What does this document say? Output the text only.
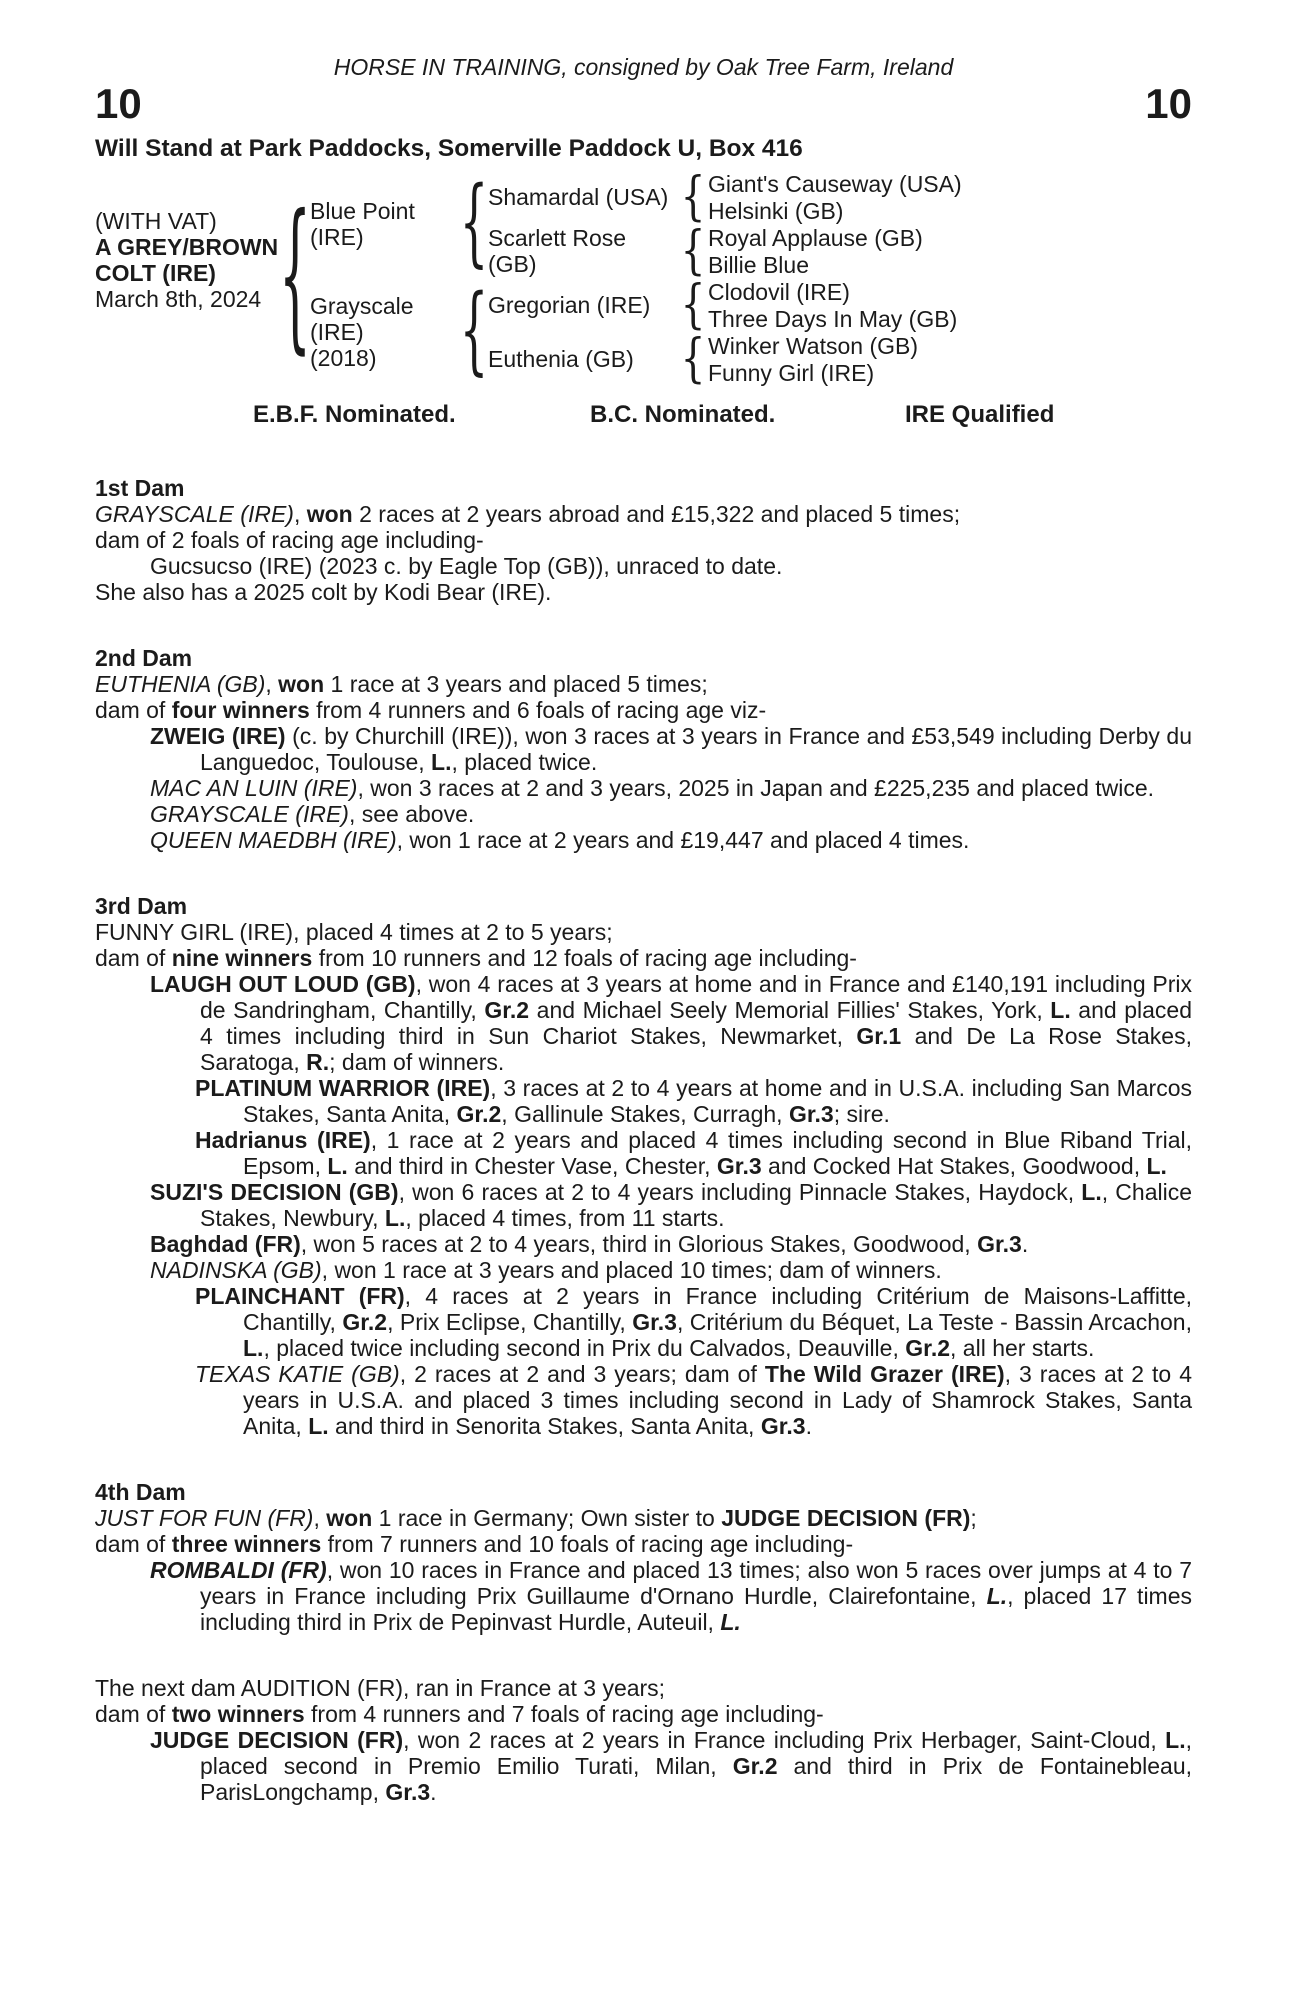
HORSE IN TRAINING, consigned by Oak Tree Farm, Ireland
10	10
Will Stand at Park Paddocks, Somerville Paddock U, Box 416
(WITH VAT)
A GREY/BROWN
COLT (IRE)
March 8th, 2024 {
Blue Point (IRE)
Grayscale (IRE)
(2018)
{
{
Shamardal (USA)
Scarlett Rose (GB)
Gregorian (IRE)
Euthenia (GB)
{
{
{
{
Giant's Causeway (USA)
Helsinki (GB)
Royal Applause (GB)
Billie Blue
Clodovil (IRE)
Three Days In May (GB)
Winker Watson (GB)
Funny Girl (IRE)
E.B.F. Nominated.	B.C. Nominated.	IRE Qualified
1st Dam

GRAYSCALE (IRE), won 2 races at 2 years abroad and £15,322 and placed 5 times;

dam of 2 foals of racing age including-

Gucsucso (IRE) (2023 c. by Eagle Top (GB)), unraced to date.

She also has a 2025 colt by Kodi Bear (IRE).

2nd Dam

EUTHENIA (GB), won 1 race at 3 years and placed 5 times;

dam of four winners from 4 runners and 6 foals of racing age viz-

ZWEIG (IRE) (c. by Churchill (IRE)), won 3 races at 3 years in France and £53,549 including Derby du Languedoc, Toulouse, L., placed twice.

MAC AN LUIN (IRE), won 3 races at 2 and 3 years, 2025 in Japan and £225,235 and placed twice.

GRAYSCALE (IRE), see above.

QUEEN MAEDBH (IRE), won 1 race at 2 years and £19,447 and placed 4 times.

3rd Dam

FUNNY GIRL (IRE), placed 4 times at 2 to 5 years;

dam of nine winners from 10 runners and 12 foals of racing age including-

LAUGH OUT LOUD (GB), won 4 races at 3 years at home and in France and £140,191 including Prix de Sandringham, Chantilly, Gr.2 and Michael Seely Memorial Fillies' Stakes, York, L. and placed 4 times including third in Sun Chariot Stakes, Newmarket, Gr.1 and De La Rose Stakes, Saratoga, R.; dam of winners.

PLATINUM WARRIOR (IRE), 3 races at 2 to 4 years at home and in U.S.A. including San Marcos Stakes, Santa Anita, Gr.2, Gallinule Stakes, Curragh, Gr.3; sire.

Hadrianus (IRE), 1 race at 2 years and placed 4 times including second in Blue Riband Trial, Epsom, L. and third in Chester Vase, Chester, Gr.3 and Cocked Hat Stakes, Goodwood, L.

SUZI'S DECISION (GB), won 6 races at 2 to 4 years including Pinnacle Stakes, Haydock, L., Chalice Stakes, Newbury, L., placed 4 times, from 11 starts.

Baghdad (FR), won 5 races at 2 to 4 years, third in Glorious Stakes, Goodwood, Gr.3.

NADINSKA (GB), won 1 race at 3 years and placed 10 times; dam of winners.

PLAINCHANT (FR), 4 races at 2 years in France including Critérium de Maisons-Laffitte, Chantilly, Gr.2, Prix Eclipse, Chantilly, Gr.3, Critérium du Béquet, La Teste - Bassin Arcachon, L., placed twice including second in Prix du Calvados, Deauville, Gr.2, all her starts.

TEXAS KATIE (GB), 2 races at 2 and 3 years; dam of The Wild Grazer (IRE), 3 races at 2 to 4 years in U.S.A. and placed 3 times including second in Lady of Shamrock Stakes, Santa Anita, L. and third in Senorita Stakes, Santa Anita, Gr.3.

4th Dam

JUST FOR FUN (FR), won 1 race in Germany; Own sister to JUDGE DECISION (FR);

dam of three winners from 7 runners and 10 foals of racing age including-

ROMBALDI (FR), won 10 races in France and placed 13 times; also won 5 races over jumps at 4 to 7 years in France including Prix Guillaume d'Ornano Hurdle, Clairefontaine, L., placed 17 times including third in Prix de Pepinvast Hurdle, Auteuil, L.

The next dam AUDITION (FR), ran in France at 3 years;

dam of two winners from 4 runners and 7 foals of racing age including-

JUDGE DECISION (FR), won 2 races at 2 years in France including Prix Herbager, Saint-Cloud, L., placed second in Premio Emilio Turati, Milan, Gr.2 and third in Prix de Fontainebleau, ParisLongchamp, Gr.3.
